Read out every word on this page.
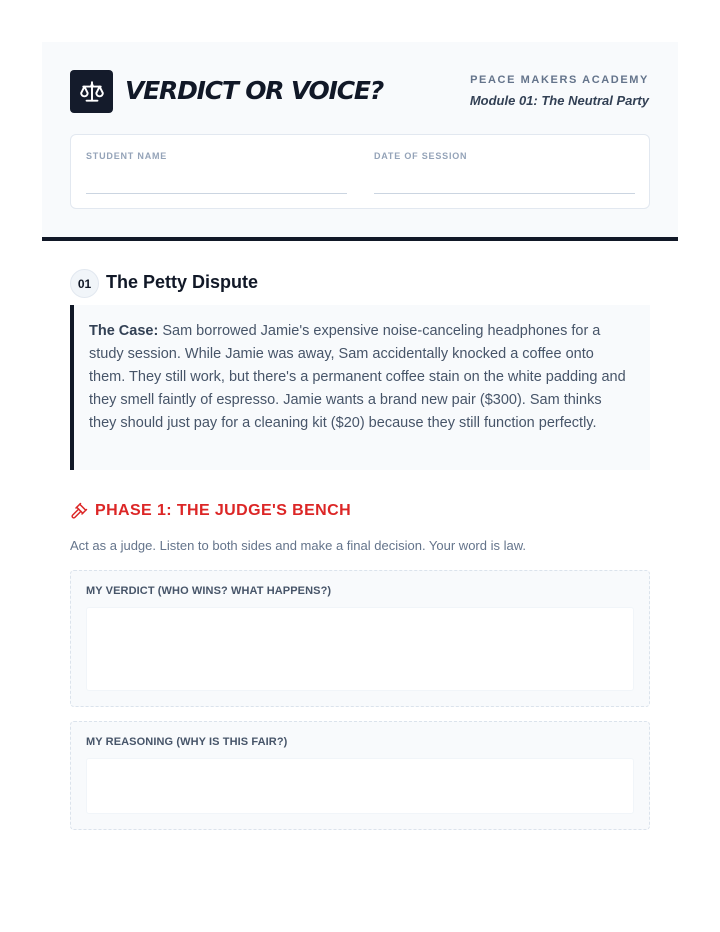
VERDICT OR VOICE?	PEACE MAKERS ACADEMY
Module 01: The Neutral Party
STUDENT NAME	DATE OF SESSION
01 The Petty Dispute

The Case: Sam borrowed Jamie's expensive noise-canceling headphones for a study session. While Jamie was away, Sam accidentally knocked a coffee onto them. They still work, but there's a permanent coffee stain on the white padding and they smell faintly of espresso. Jamie wants a brand new pair ($300). Sam thinks they should just pay for a cleaning kit ($20) because they still function perfectly.

PHASE 1: THE JUDGE'S BENCH
Act as a judge. Listen to both sides and make a final decision. Your word is law.
MY VERDICT (WHO WINS? WHAT HAPPENS?)
MY REASONING (WHY IS THIS FAIR?)
